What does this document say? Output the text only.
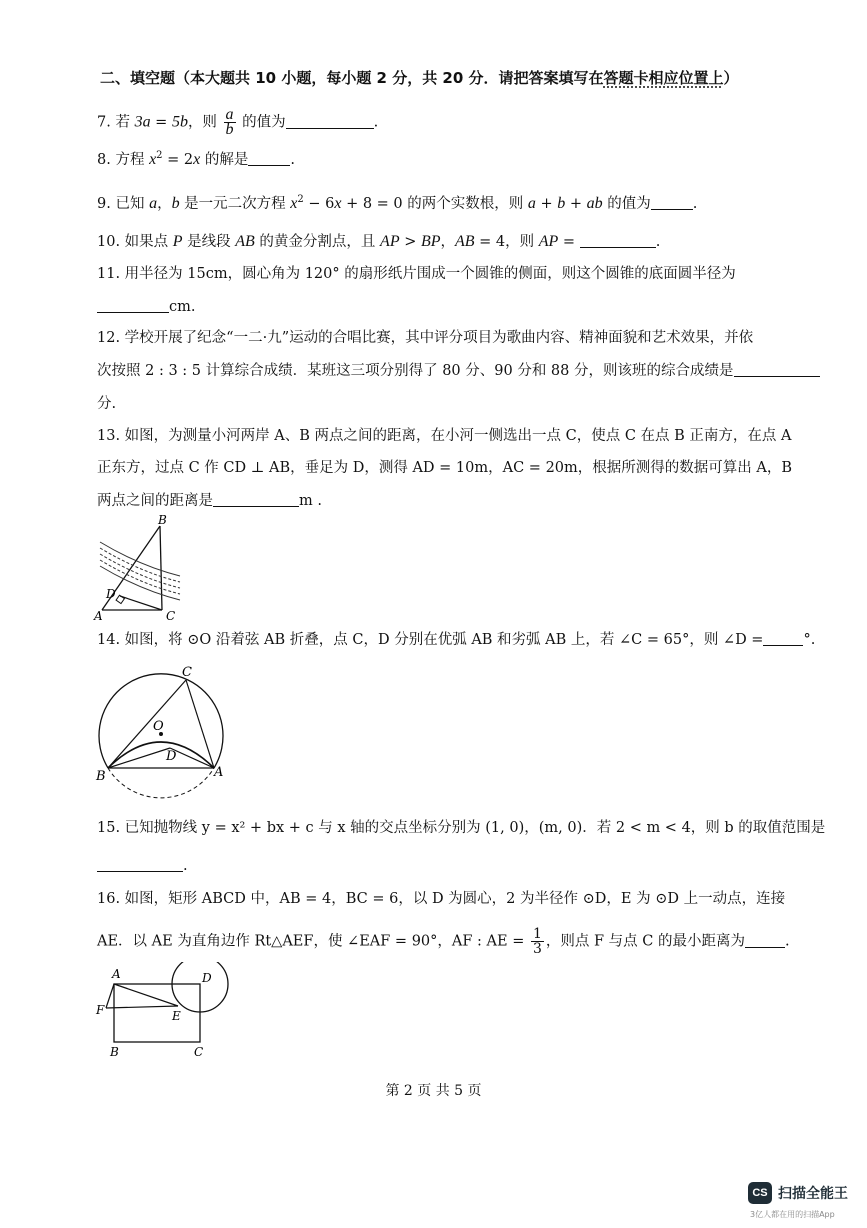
二、填空题（本大题共 10 小题，每小题 2 分，共 20 分．请把答案填写在答题卡相应位置上）
7. 若 3a = 5b，则 $\frac{a}{b}$ 的值为	.
8. 方程 $x^2 = 2x$ 的解是	.
9. 已知 a，b 是一元二次方程 $x^2 - 6x + 8 = 0$ 的两个实数根，则 a + b + ab 的值为	.
10. 如果点 P 是线段 AB 的黄金分割点，且 AP > BP，AB = 4，则 AP =	.
11. 用半径为 15cm，圆心角为 120° 的扇形纸片围成一个圆锥的侧面，则这个圆锥的底面圆半径为
cm.
12. 学校开展了纪念“一二·九”运动的合唱比赛，其中评分项目为歌曲内容、精神面貌和艺术效果，并依
次按照 2 : 3 : 5 计算综合成绩．某班这三项分别得了 80 分、90 分和 88 分，则该班的综合成绩是
分.
13. 如图，为测量小河两岸 A、B 两点之间的距离，在小河一侧选出一点 C，使点 C 在点 B 正南方，在点 A
正东方，过点 C 作 CD ⊥ AB，垂足为 D，测得 AD = 10m，AC = 20m，根据所测得的数据可算出 A，B
两点之间的距离是	m .
B
D
A	C
14. 如图，将 ⊙O 沿着弦 AB 折叠，点 C，D 分别在优弧 AB 和劣弧 AB 上，若 ∠C = 65°，则 ∠D =	°.
C
O
D
B	A
15. 已知抛物线 y = x² + bx + c 与 x 轴的交点坐标分别为 (1, 0)，(m, 0)．若 2 < m < 4，则 b 的取值范围是
.
16. 如图，矩形 ABCD 中，AB = 4，BC = 6，以 D 为圆心，2 为半径作 ⊙D，E 为 ⊙D 上一动点，连接
AE．以 AE 为直角边作 Rt△AEF，使 ∠EAF = 90°，AF : AE = $\frac{1}{3}$ ，则点 F 与点 C 的最小距离为	.
A	D
F	E
B	C
第 2 页 共 5 页
CS 扫描全能王
3亿人都在用的扫描App
